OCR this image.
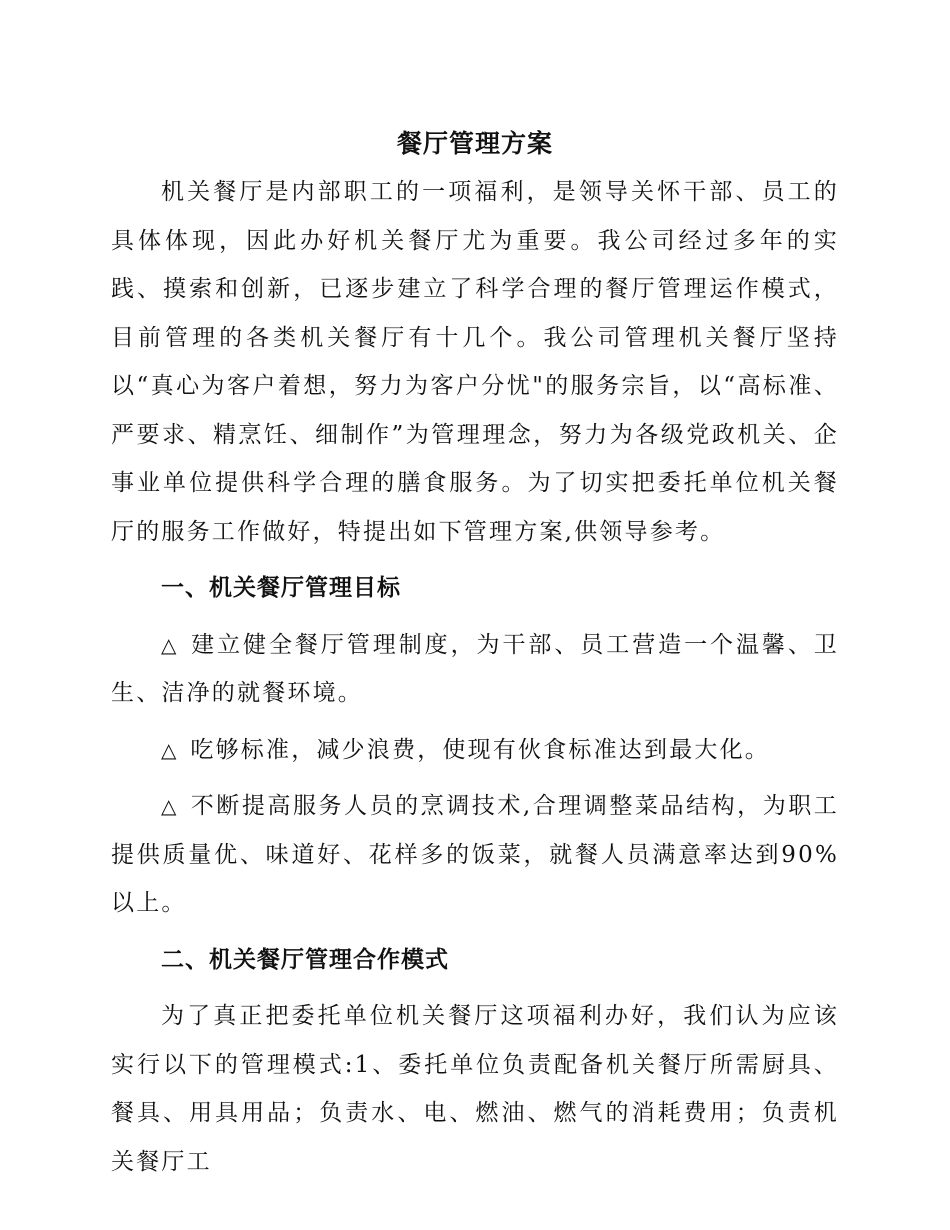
餐厅管理方案

机关餐厅是内部职工的一项福利，是领导关怀干部、员工的具体体现，因此办好机关餐厅尤为重要。我公司经过多年的实践、摸索和创新，已逐步建立了科学合理的餐厅管理运作模式，目前管理的各类机关餐厅有十几个。我公司管理机关餐厅坚持以“真心为客户着想，努力为客户分忧"的服务宗旨，以“高标准、严要求、精烹饪、细制作”为管理理念，努力为各级党政机关、企事业单位提供科学合理的膳食服务。为了切实把委托单位机关餐厅的服务工作做好，特提出如下管理方案,供领导参考。

一、机关餐厅管理目标

△ 建立健全餐厅管理制度，为干部、员工营造一个温馨、卫生、洁净的就餐环境。

△ 吃够标准，减少浪费，使现有伙食标准达到最大化。

△ 不断提高服务人员的烹调技术,合理调整菜品结构，为职工提供质量优、味道好、花样多的饭菜，就餐人员满意率达到90%以上。

二、机关餐厅管理合作模式

为了真正把委托单位机关餐厅这项福利办好，我们认为应该实行以下的管理模式:1、委托单位负责配备机关餐厅所需厨具、餐具、用具用品；负责水、电、燃油、燃气的消耗费用；负责机关餐厅工
